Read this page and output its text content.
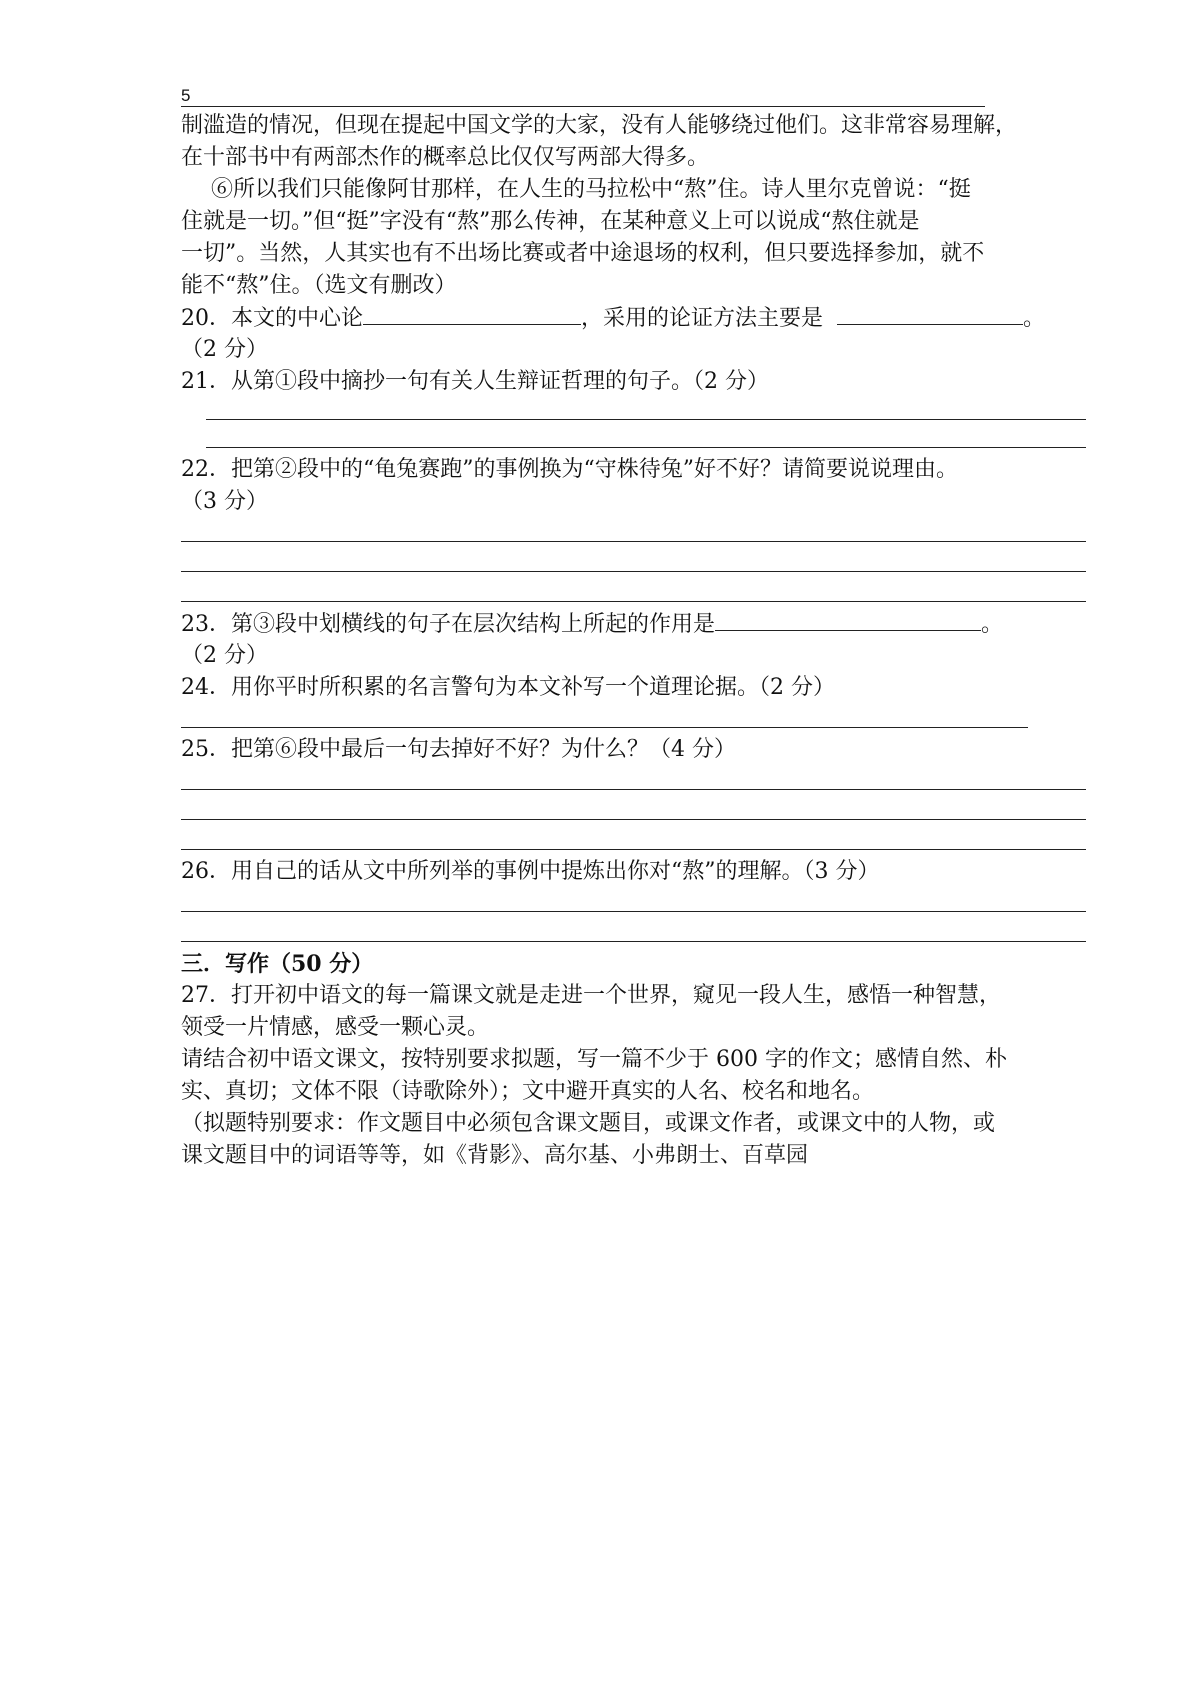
5
制滥造的情况，但现在提起中国文学的大家，没有人能够绕过他们。这非常容易理解，
在十部书中有两部杰作的概率总比仅仅写两部大得多。
⑥所以我们只能像阿甘那样，在人生的马拉松中“熬”住。诗人里尔克曾说：“挺
住就是一切。”但“挺”字没有“熬”那么传神，在某种意义上可以说成“熬住就是
一切”。当然，人其实也有不出场比赛或者中途退场的权利，但只要选择参加，就不
能不“熬”住。（选文有删改）
20．本文的中心论	，采用的论证方法主要是	。
（2 分）
21．从第①段中摘抄一句有关人生辩证哲理的句子。（2 分）
22．把第②段中的“龟兔赛跑”的事例换为“守株待兔”好不好？请简要说说理由。
（3 分）
23．第③段中划横线的句子在层次结构上所起的作用是	。
（2 分）
24．用你平时所积累的名言警句为本文补写一个道理论据。（2 分）
25．把第⑥段中最后一句去掉好不好？为什么？（4 分）
26．用自己的话从文中所列举的事例中提炼出你对“熬”的理解。（3 分）
三．写作（50 分）
27．打开初中语文的每一篇课文就是走进一个世界，窥见一段人生，感悟一种智慧，
领受一片情感，感受一颗心灵。
请结合初中语文课文，按特别要求拟题，写一篇不少于 600 字的作文；感情自然、朴
实、真切；文体不限（诗歌除外）；文中避开真实的人名、校名和地名。
（拟题特别要求：作文题目中必须包含课文题目，或课文作者，或课文中的人物，或
课文题目中的词语等等，如《背影》、高尔基、小弗朗士、百草园
